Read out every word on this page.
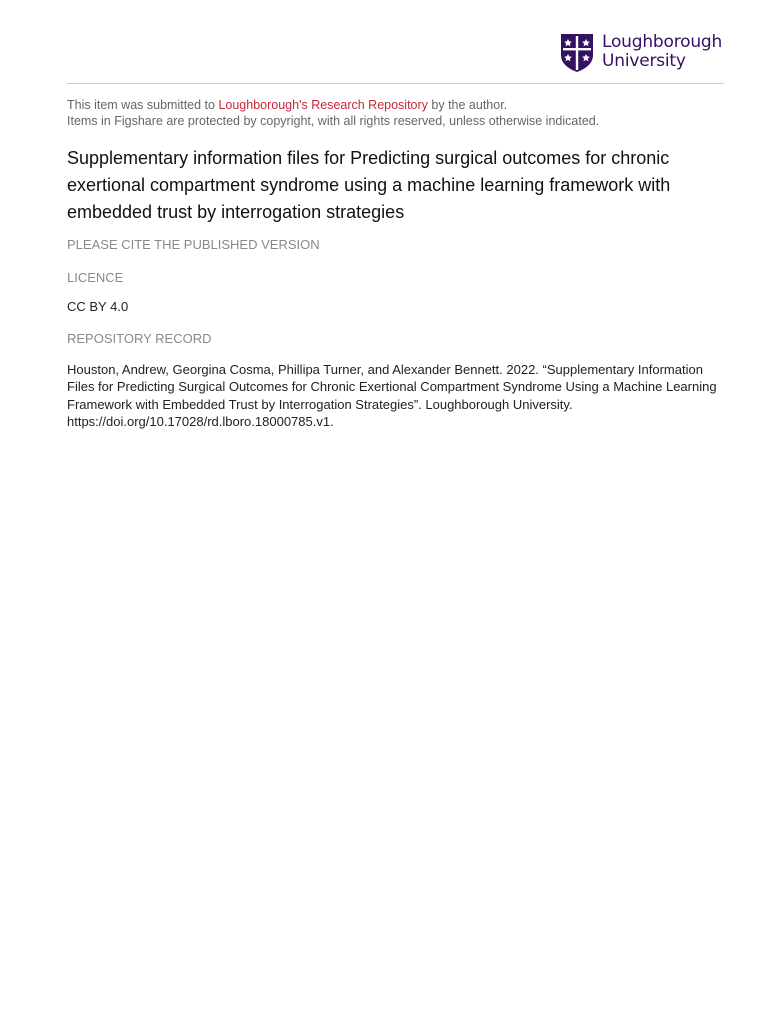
Loughborough
University
This item was submitted to Loughborough's Research Repository by the author.
Items in Figshare are protected by copyright, with all rights reserved, unless otherwise indicated.
Supplementary information files for Predicting surgical outcomes for chronic exertional compartment syndrome using a machine learning framework with embedded trust by interrogation strategies
PLEASE CITE THE PUBLISHED VERSION
LICENCE
CC BY 4.0
REPOSITORY RECORD
Houston, Andrew, Georgina Cosma, Phillipa Turner, and Alexander Bennett. 2022. “Supplementary Information Files for Predicting Surgical Outcomes for Chronic Exertional Compartment Syndrome Using a Machine Learning Framework with Embedded Trust by Interrogation Strategies”. Loughborough University. https://doi.org/10.17028/rd.lboro.18000785.v1.
